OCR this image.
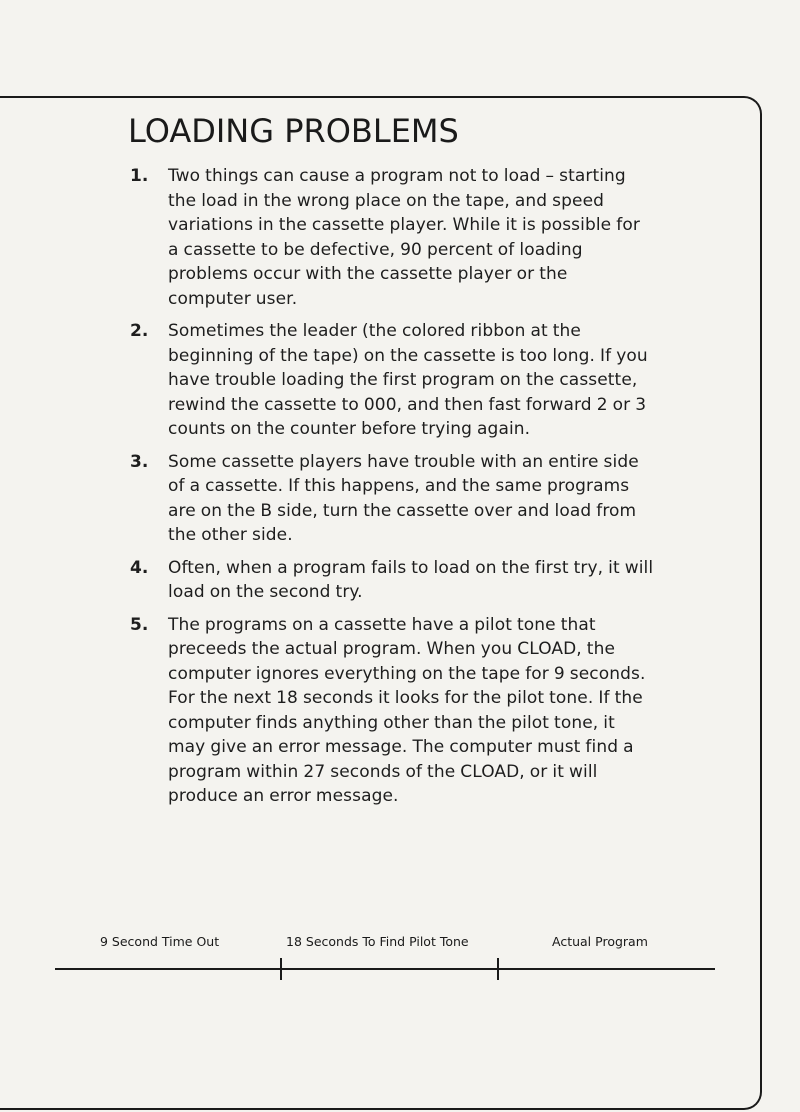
LOADING PROBLEMS
1. Two things can cause a program not to load – starting the load in the wrong place on the tape, and speed variations in the cassette player. While it is possible for a cassette to be defective, 90 percent of loading problems occur with the cassette player or the computer user.
2. Sometimes the leader (the colored ribbon at the beginning of the tape) on the cassette is too long. If you have trouble loading the first program on the cassette, rewind the cassette to 000, and then fast forward 2 or 3 counts on the counter before trying again.
3. Some cassette players have trouble with an entire side of a cassette. If this happens, and the same programs are on the B side, turn the cassette over and load from the other side.
4. Often, when a program fails to load on the first try, it will load on the second try.
5. The programs on a cassette have a pilot tone that preceeds the actual program. When you CLOAD, the computer ignores everything on the tape for 9 seconds. For the next 18 seconds it looks for the pilot tone. If the computer finds anything other than the pilot tone, it may give an error message. The computer must find a program within 27 seconds of the CLOAD, or it will produce an error message.
9 Second Time Out	18 Seconds To Find Pilot Tone	Actual Program
